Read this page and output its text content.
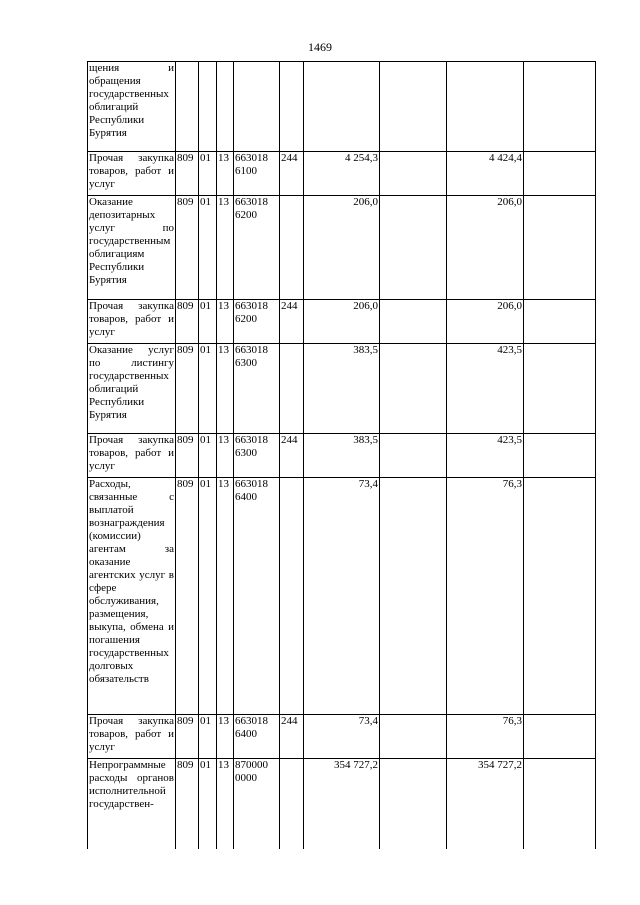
1469
щения и обращения государственных облигаций Республики Бурятия									
Прочая закупка товаров, работ и услуг	809	01	13	663018 6100	244	4 254,3		4 424,4	
Оказание депозитарных услуг по государственным облигациям Республики Бурятия	809	01	13	663018 6200		206,0		206,0	
Прочая закупка товаров, работ и услуг	809	01	13	663018 6200	244	206,0		206,0	
Оказание услуг по листингу государственных облигаций Республики Бурятия	809	01	13	663018 6300		383,5		423,5	
Прочая закупка товаров, работ и услуг	809	01	13	663018 6300	244	383,5		423,5	
Расходы, связанные с выплатой вознаграждения (комиссии) агентам за оказание агентских услуг в сфере обслуживания, размещения, выкупа, обмена и погашения государственных долговых обязательств	809	01	13	663018 6400		73,4		76,3	
Прочая закупка товаров, работ и услуг	809	01	13	663018 6400	244	73,4		76,3	
Непрограммные расходы органов исполнительной государствен-	809	01	13	870000 0000		354 727,2		354 727,2	
